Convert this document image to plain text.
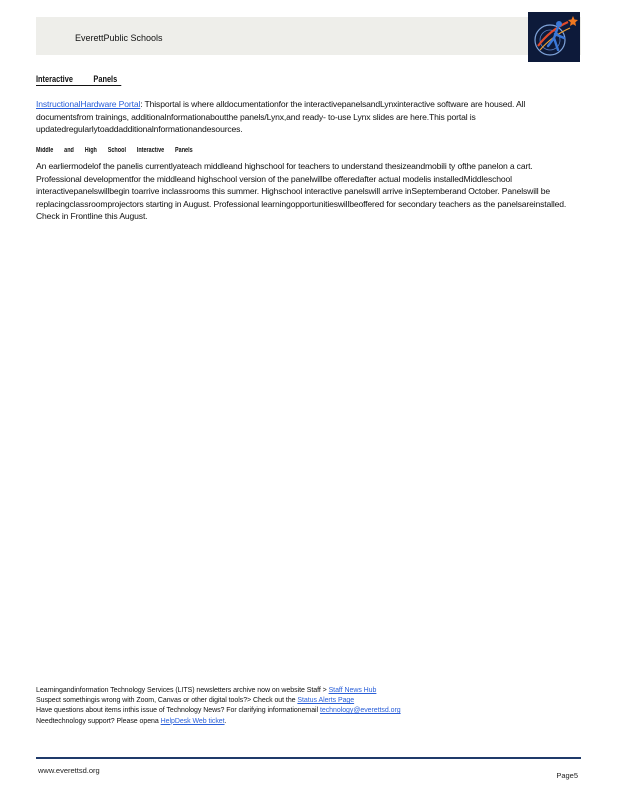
EverettPublic Schools
Interactive          Panels
InstructionalHardware Portal: Thisportal is where alldocumentationfor the interactivepanelsandLynxinteractive software are housed. All documentsfrom trainings, additionalnformationaboutthe panels/Lynx,and ready- to-use Lynx slides are here.This portal is updatedregularlytoaddadditionalnformationandesources.
Middle and High School Interactive Panels
An earliermodelof the panelis currentlyateach middleand highschool for teachers to understand thesizeandmobili ty ofthe panelon a cart. Professional developmentfor the middleand highschool version of the panelwillbe offeredafter actual modelis installedMiddleschool interactivepanelswillbegin toarrive inclassrooms this summer. Highschool interactive panelswill arrive inSeptemberand October. Panelswill be replacingclassroomprojectors starting in August. Professional learningopportunitieswillbeoffered for secondary teachers as the panelsareinstalled. Check in Frontline this August.
Learningandinformation Technology Services (LITS) newsletters archive now on website Staff > Staff News Hub
Suspect somethingis wrong with Zoom, Canvas or other digital tools?> Check out the Status Alerts Page
Have questions about items inthis issue of Technology News? For clarifying informationemail technology@everettsd.org
Needtechnology support? Please opena HelpDesk Web ticket.
www.everettsd.org
Page5
